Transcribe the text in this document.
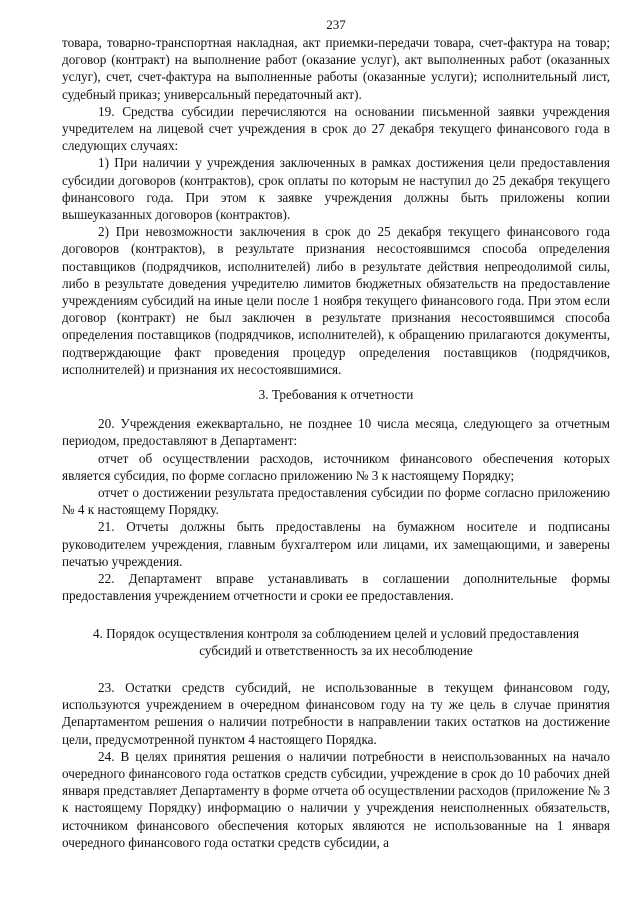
237

товара, товарно-транспортная накладная, акт приемки-передачи товара, счет-фактура на товар; договор (контракт) на выполнение работ (оказание услуг), акт выполненных работ (оказанных услуг), счет, счет-фактура на выполненные работы (оказанные услуги); исполнительный лист, судебный приказ; универсальный передаточный акт).

19. Средства субсидии перечисляются на основании письменной заявки учреждения учредителем на лицевой счет учреждения в срок до 27 декабря текущего финансового года в следующих случаях:

1) При наличии у учреждения заключенных в рамках достижения цели предоставления субсидии договоров (контрактов), срок оплаты по которым не наступил до 25 декабря текущего финансового года. При этом к заявке учреждения должны быть приложены копии вышеуказанных договоров (контрактов).

2) При невозможности заключения в срок до 25 декабря текущего финансового года договоров (контрактов), в результате признания несостоявшимся способа определения поставщиков (подрядчиков, исполнителей) либо в результате действия непреодолимой силы, либо в результате доведения учредителю лимитов бюджетных обязательств на предоставление учреждениям субсидий на иные цели после 1 ноября текущего финансового года. При этом если договор (контракт) не был заключен в результате признания несостоявшимся способа определения поставщиков (подрядчиков, исполнителей), к обращению прилагаются документы, подтверждающие факт проведения процедур определения поставщиков (подрядчиков, исполнителей) и признания их несостоявшимися.

3. Требования к отчетности

20. Учреждения ежеквартально, не позднее 10 числа месяца, следующего за отчетным периодом, предоставляют в Департамент:

отчет об осуществлении расходов, источником финансового обеспечения которых является субсидия, по форме согласно приложению № 3 к настоящему Порядку;

отчет о достижении результата предоставления субсидии по форме согласно приложению № 4 к настоящему Порядку.

21. Отчеты должны быть предоставлены на бумажном носителе и подписаны руководителем учреждения, главным бухгалтером или лицами, их замещающими, и заверены печатью учреждения.

22. Департамент вправе устанавливать в соглашении дополнительные формы предоставления учреждением отчетности и сроки ее предоставления.

4. Порядок осуществления контроля за соблюдением целей и условий предоставления

субсидий и ответственность за их несоблюдение

23. Остатки средств субсидий, не использованные в текущем финансовом году, используются учреждением в очередном финансовом году на ту же цель в случае принятия Департаментом решения о наличии потребности в направлении таких остатков на достижение цели, предусмотренной пунктом 4 настоящего Порядка.

24. В целях принятия решения о наличии потребности в неиспользованных на начало очередного финансового года остатков средств субсидии, учреждение в срок до 10 рабочих дней января представляет Департаменту в форме отчета об осуществлении расходов (приложение № 3 к настоящему Порядку) информацию о наличии у учреждения неисполненных обязательств, источником финансового обеспечения которых являются не использованные на 1 января очередного финансового года остатки средств субсидии, а
